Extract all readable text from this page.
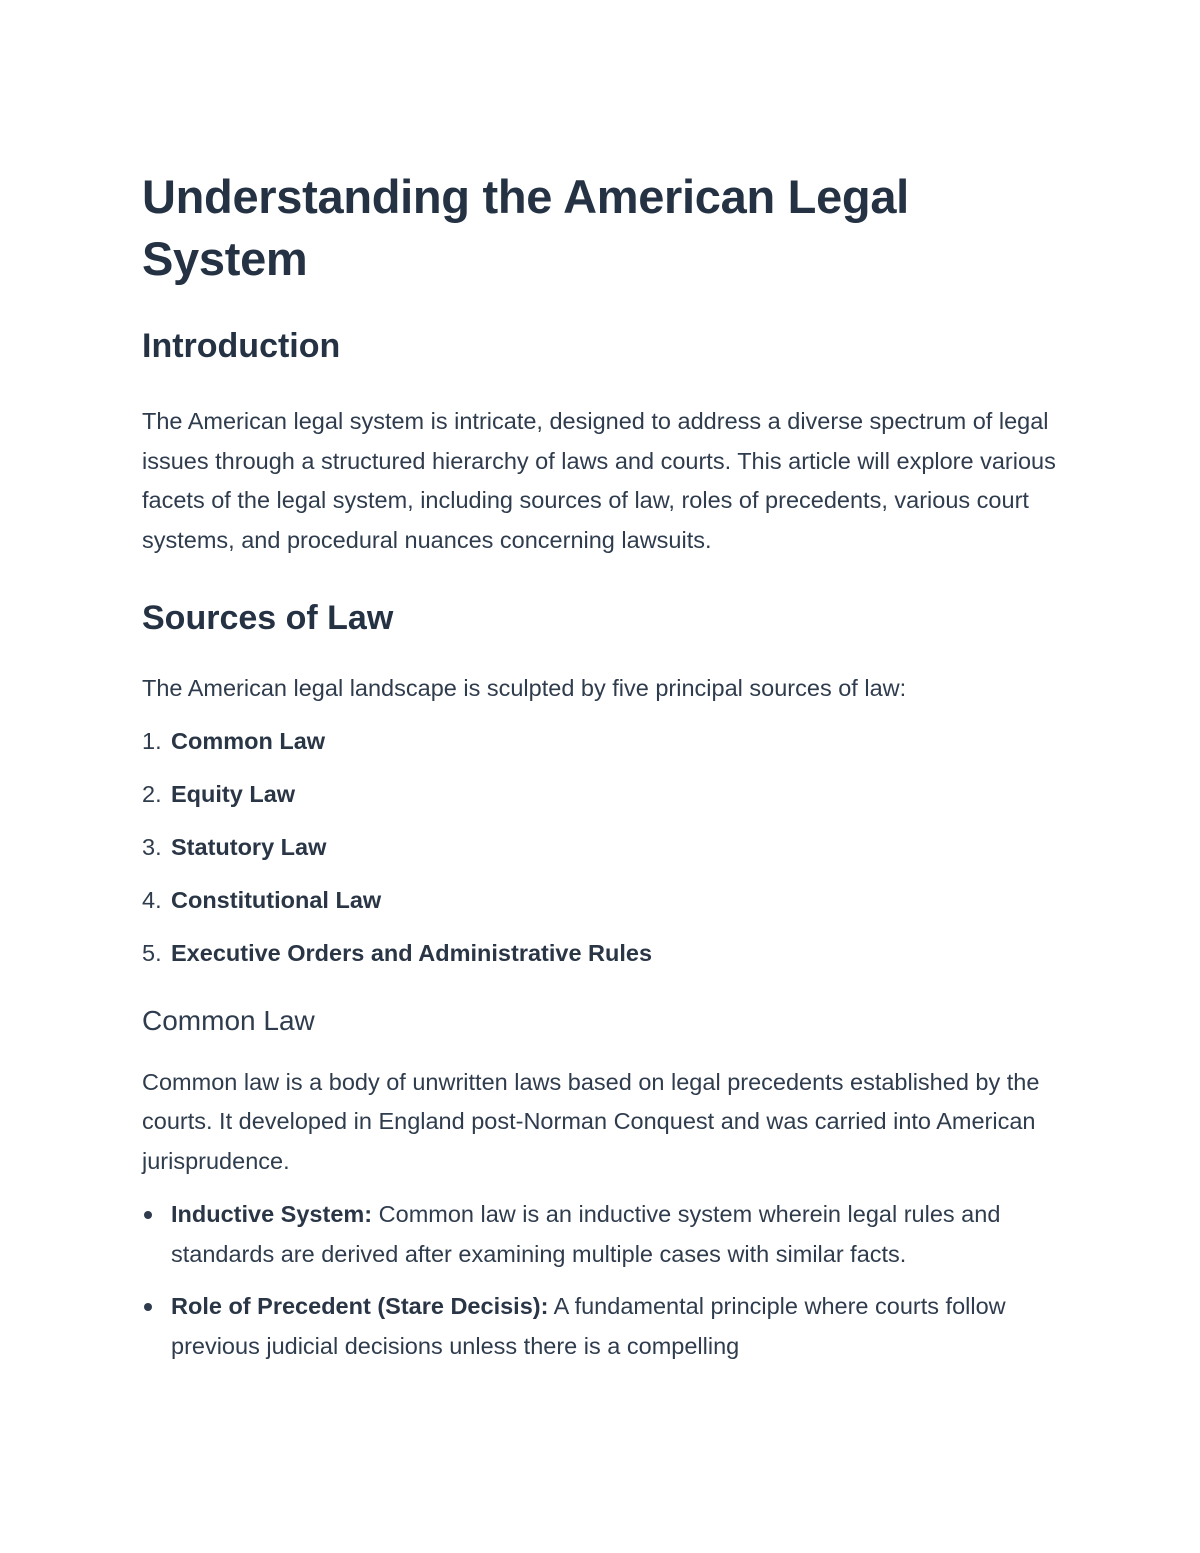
Understanding the American Legal System
Introduction

The American legal system is intricate, designed to address a diverse spectrum of legal issues through a structured hierarchy of laws and courts. This article will explore various facets of the legal system, including sources of law, roles of precedents, various court systems, and procedural nuances concerning lawsuits.

Sources of Law

The American legal landscape is sculpted by five principal sources of law:

1. Common Law
2. Equity Law
3. Statutory Law
4. Constitutional Law
5. Executive Orders and Administrative Rules
Common Law

Common law is a body of unwritten laws based on legal precedents established by the courts. It developed in England post-Norman Conquest and was carried into American jurisprudence.

Inductive System: Common law is an inductive system wherein legal rules and standards are derived after examining multiple cases with similar facts.
Role of Precedent (Stare Decisis): A fundamental principle where courts follow previous judicial decisions unless there is a compelling
